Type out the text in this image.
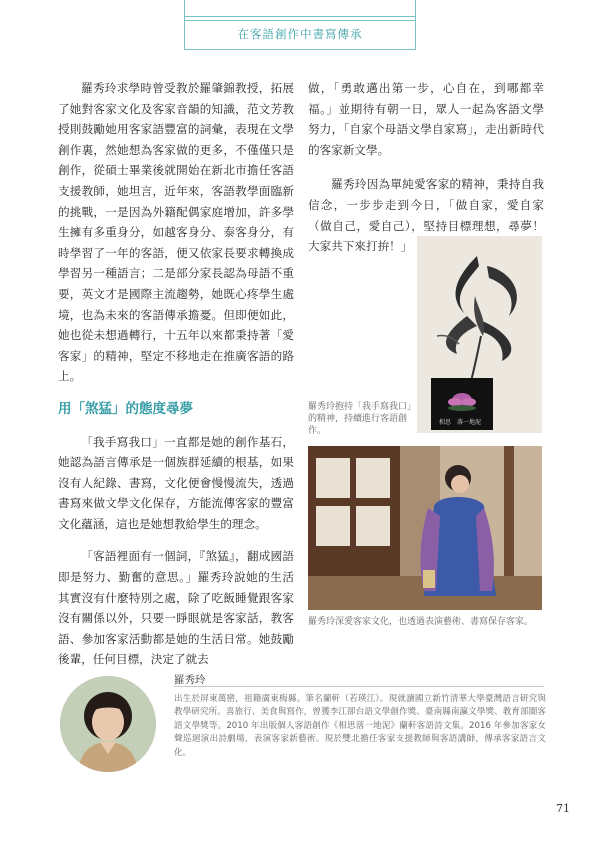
在客語創作中書寫傳承

羅秀玲求學時曾受教於羅肇錦教授，拓展了她對客家文化及客家音韻的知識，范文芳教授則鼓勵她用客家語豐富的詞彙，表現在文學創作裏，然她想為客家做的更多，不僅僅只是創作，從碩士畢業後就開始在新北市擔任客語支援教師，她坦言，近年來，客語教學面臨新的挑戰，一是因為外籍配偶家庭增加，許多學生擁有多重身分，如越客身分、泰客身分，有時學習了一年的客語，便又依家長要求轉換成學習另一種語言；二是部分家長認為母語不重要，英文才是國際主流趨勢，她既心疼學生處境，也為未來的客語傳承擔憂。但即便如此，她也從未想過轉行，十五年以來都秉持著「愛客家」的精神，堅定不移地走在推廣客語的路上。

用「煞猛」的態度尋夢

「我手寫我口」一直都是她的創作基石，她認為語言傳承是一個族群延續的根基，如果沒有人紀錄、書寫，文化便會慢慢流失，透過書寫來做文學文化保存，方能流傳客家的豐富文化蘊涵，這也是她想教給學生的理念。

「客語裡面有一個詞，『煞猛』，翻成國語即是努力、勤奮的意思。」羅秀玲說她的生活其實沒有什麼特別之處，除了吃飯睡覺跟客家沒有關係以外，只要一睜眼就是客家話，教客語、參加客家活動都是她的生活日常。她鼓勵後輩，任何目標，決定了就去

做，「勇敢邁出第一步，心自在，到哪都幸福。」並期待有朝一日，眾人一起為客語文學努力，「自家个母語文學自家寫」，走出新時代的客家新文學。

羅秀玲因為單純愛客家的精神，秉持自我信念，一步步走到今日，「做自家，愛自家（做自己，愛自己），堅持目標理想，尋夢！大家共下來打拚！」

相思　落一地泥
羅秀玲抱持「我手寫我口」的精神，持續進行客語創作。
羅秀玲深愛客家文化，也透過表演藝術、書寫保存客家。
羅秀玲
出生於屏東萬巒，祖籍廣東梅縣。筆名蘭軒（若瑛江）。現就讀國立新竹清華大學臺灣語言研究與教學研究所。喜旅行、美食與寫作，曾獲李江卻台語文學創作獎、臺南縣南瀛文學獎、教育部閩客語文學獎等。2010 年出版個人客語創作《相思落一地泥》蘭軒客語詩文集。2016 年參加客家女聲巡迴演出詩劇場，表演客家新藝術。現於雙北擔任客家支援教師與客語講師，傳承客家語言文化。
71
